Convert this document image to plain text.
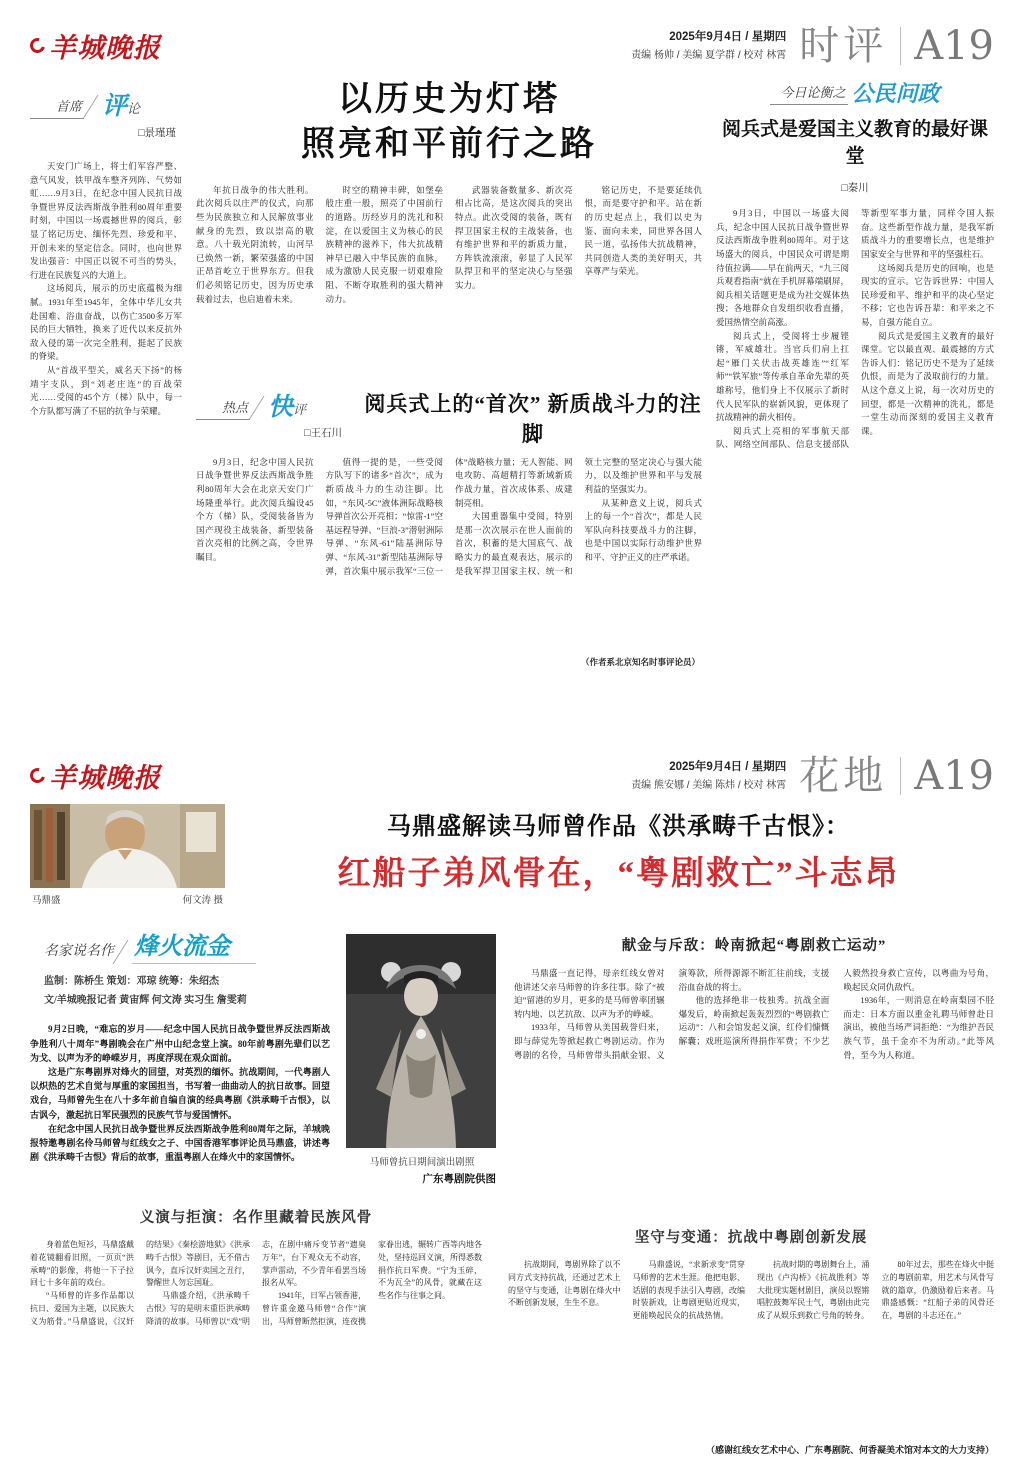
羊城晚报	2025年9月4日 / 星期四
责编 杨帅 / 美编 夏学群 / 校对 林霄 时评 A19
首席 评 论
□景瑾瑾

天安门广场上，将士们军容严整、意气风发，铁甲战车整齐列阵、气势如虹……9月3日，在纪念中国人民抗日战争暨世界反法西斯战争胜利80周年重要时刻，中国以一场震撼世界的阅兵，彰显了铭记历史、缅怀先烈、珍爱和平、开创未来的坚定信念。同时，也向世界发出强音：中国正以锐不可当的势头，行进在民族复兴的大道上。

这场阅兵，展示的历史底蕴极为细腻。1931年至1945年，全体中华儿女共赴国难、浴血奋战，以伤亡3500多万军民的巨大牺牲，换来了近代以来反抗外敌入侵的第一次完全胜利，挺起了民族的脊梁。

从“首战平型关，威名天下扬”的杨靖宇支队，到“刘老庄连”的百战荣光……受阅的45个方（梯）队中，每一个方队都写满了不屈的抗争与荣耀。

以历史为灯塔
照亮和平前行之路

年抗日战争的伟大胜利。此次阅兵以庄严的仪式，向那些为民族独立和人民解放事业献身的先烈，致以崇高的敬意。八十载光阴流转，山河早已焕然一新，繁荣强盛的中国正昂首屹立于世界东方。但我们必须铭记历史，因为历史承载着过去，也启迪着未来。

时空的精神丰碑，如堡垒般庄重一般，照亮了中国前行的道路。历经岁月的洗礼和积淀，在以爱国主义为核心的民族精神的滋养下，伟大抗战精神早已融入中华民族的血脉，成为激励人民克服一切艰难险阻、不断夺取胜利的强大精神动力。

武器装备数量多、新次亮相占比高，是这次阅兵的突出特点。此次受阅的装备，既有捍卫国家主权的主战装备，也有维护世界和平的新质力量，方阵铁流滚滚，彰显了人民军队捍卫和平的坚定决心与坚强实力。

铭记历史，不是要延续仇恨，而是要守护和平。站在新的历史起点上，我们以史为鉴、面向未来，同世界各国人民一道，弘扬伟大抗战精神，共同创造人类的美好明天，共享尊严与荣光。

热点 快 评
□王石川
阅兵式上的“首次” 新质战斗力的注脚

9月3日，纪念中国人民抗日战争暨世界反法西斯战争胜利80周年大会在北京天安门广场隆重举行。此次阅兵编设45个方（梯）队，受阅装备皆为国产现役主战装备，新型装备首次亮相的比例之高，令世界瞩目。

值得一提的是，一些受阅方队写下的诸多“首次”，成为新质战斗力的生动注脚。比如，“东风-5C”液体洲际战略核导弹首次公开亮相；“惊雷-1”空基远程导弹、“巨浪-3”潜射洲际导弹、“东风-61”陆基洲际导弹、“东风-31”新型陆基洲际导弹，首次集中展示我军“三位一体”战略核力量；无人智能、网电攻防、高超精打等新域新质作战力量，首次成体系、成建制亮相。

大国重器集中受阅，特别是那一次次展示在世人面前的首次，积蓄的是大国底气、战略实力的最直观表达，展示的是我军捍卫国家主权、统一和领土完整的坚定决心与强大能力，以及维护世界和平与发展利益的坚强实力。

从某种意义上说，阅兵式上的每一个“首次”，都是人民军队向科技要战斗力的注脚，也是中国以实际行动维护世界和平、守护正义的庄严承诺。

（作者系北京知名时事评论员）
今日论衡之 公民问政
阅兵式是爱国主义教育的最好课堂
□秦川

9月3日，中国以一场盛大阅兵，纪念中国人民抗日战争暨世界反法西斯战争胜利80周年。对于这场盛大的阅兵，中国民众可谓是期待值拉满——早在前两天，“九三阅兵观看指南”就在手机屏幕端刷屏，阅兵相关话题更是成为社交媒体热搜；各地群众自发组织收看直播，爱国热情空前高涨。

阅兵式上，受阅将士步履铿锵，军威雄壮。当官兵们肩上扛起“雁门关伏击战英雄连”“红军师”“铁军旅”等传承自革命先辈的英雄称号，他们身上不仅展示了新时代人民军队的崭新风貌，更体现了抗战精神的薪火相传。

阅兵式上亮相的军事航天部队、网络空间部队、信息支援部队等新型军事力量，同样令国人振奋。这些新型作战力量，是我军新质战斗力的重要增长点，也是维护国家安全与世界和平的坚强柱石。

这场阅兵是历史的回响，也是现实的宣示。它告诉世界：中国人民珍爱和平、维护和平的决心坚定不移；它也告诉吾辈：和平来之不易，自强方能自立。

阅兵式是爱国主义教育的最好课堂。它以最直观、最震撼的方式告诉人们：铭记历史不是为了延续仇恨，而是为了汲取前行的力量。从这个意义上说，每一次对历史的回望，都是一次精神的洗礼，都是一堂生动而深刻的爱国主义教育课。

羊城晚报	2025年9月4日 / 星期四
责编 熊安娜 / 美编 陈炜 / 校对 林霄 花地 A19
马鼎盛	何文涛 摄
马鼎盛解读马师曾作品《洪承畴千古恨》：
红船子弟风骨在，“粤剧救亡”斗志昂
名家说名作 烽火流金
监制：陈桥生 策划：邓琼 统筹：朱绍杰
文/羊城晚报记者 黄宙辉 何文涛 实习生 詹雯莉

9月2日晚，“难忘的岁月——纪念中国人民抗日战争暨世界反法西斯战争胜利八十周年”粤剧晚会在广州中山纪念堂上演。80年前粤剧先辈们以艺为戈、以声为矛的峥嵘岁月，再度浮现在观众面前。

这是广东粤剧界对烽火的回望，对英烈的缅怀。抗战期间，一代粤剧人以炽热的艺术自觉与厚重的家国担当，书写着一曲曲动人的抗日故事。回望戏台，马师曾先生在八十多年前自编自演的经典粤剧《洪承畴千古恨》，以古讽今，激起抗日军民强烈的民族气节与爱国情怀。

在纪念中国人民抗日战争暨世界反法西斯战争胜利80周年之际，羊城晚报特邀粤剧名伶马师曾与红线女之子、中国香港军事评论员马鼎盛，讲述粤剧《洪承畴千古恨》背后的故事，重温粤剧人在烽火中的家国情怀。

马师曾抗日期间演出剧照
广东粤剧院供图
献金与斥敌：岭南掀起“粤剧救亡运动”

马鼎盛一直记得，母亲红线女曾对他讲述父亲马师曾的许多往事。除了“被迫”留港的岁月，更多的是马师曾率团辗转内地、以艺抗敌、以声为矛的峥嵘。

1933年，马师曾从美国载誉归来，即与薛觉先等掀起救亡粤剧运动。作为粤剧的名伶，马师曾带头捐献金银、义演筹款，所得源源不断汇往前线，支援浴血奋战的将士。

他的选择绝非一枝独秀。抗战全面爆发后，岭南掀起轰轰烈烈的“粤剧救亡运动”：八和会馆发起义演，红伶们慷慨解囊；戏班巡演所得捐作军费；不少艺人毅然投身救亡宣传，以粤曲为号角，唤起民众同仇敌忾。

1936年，一则消息在岭南梨园不胫而走：日本方面以重金礼聘马师曾赴日演出，被他当场严词拒绝：“为维护吾民族气节，虽千金亦不为所动。”此等风骨，至今为人称道。

义演与拒演：名作里藏着民族风骨

身着蓝色短衫，马鼎盛戴着花镜翻看旧照，一页页“洪承畴”的影像，将他一下子拉回七十多年前的戏台。

“马师曾的许多作品都以抗日、爱国为主题，以民族大义为筋骨。”马鼎盛说，《汉奸的结果》《秦桧游地狱》《洪承畴千古恨》等剧目，无不借古讽今，直斥汉奸卖国之丑行，警醒世人勿忘国耻。

马鼎盛介绍，《洪承畴千古恨》写的是明末重臣洪承畴降清的故事。马师曾以“戏”明志，在剧中痛斥变节者“遗臭万年”，台下观众无不动容，掌声雷动，不少青年看罢当场报名从军。

1941年，日军占领香港，曾许重金邀马师曾“合作”演出，马师曾断然拒演，连夜携家眷出逃，辗转广西等内地各处，坚持巡回义演，所得悉数捐作抗日军费。“宁为玉碎，不为瓦全”的风骨，就藏在这些名作与往事之间。

坚守与变通：抗战中粤剧创新发展

抗战期间，粤剧界除了以不同方式支持抗战，还通过艺术上的坚守与变通，让粤剧在烽火中不断创新发展，生生不息。

马鼎盛说，“求新求变”贯穿马师曾的艺术生涯。他把电影、话剧的表现手法引入粤剧，改编时装新戏，让粤剧更贴近现实，更能唤起民众的抗战热情。

抗战时期的粤剧舞台上，涌现出《卢沟桥》《抗战胜利》等大批现实题材剧目，演员以铿锵唱腔鼓舞军民士气，粤剧由此完成了从娱乐到救亡号角的转身。

80年过去，那些在烽火中挺立的粤剧前辈，用艺术与风骨写就的篇章，仍激励着后来者。马鼎盛感慨：“红船子弟的风骨还在，粤剧的斗志还在。”

（感谢红线女艺术中心、广东粤剧院、何香凝美术馆对本文的大力支持）
